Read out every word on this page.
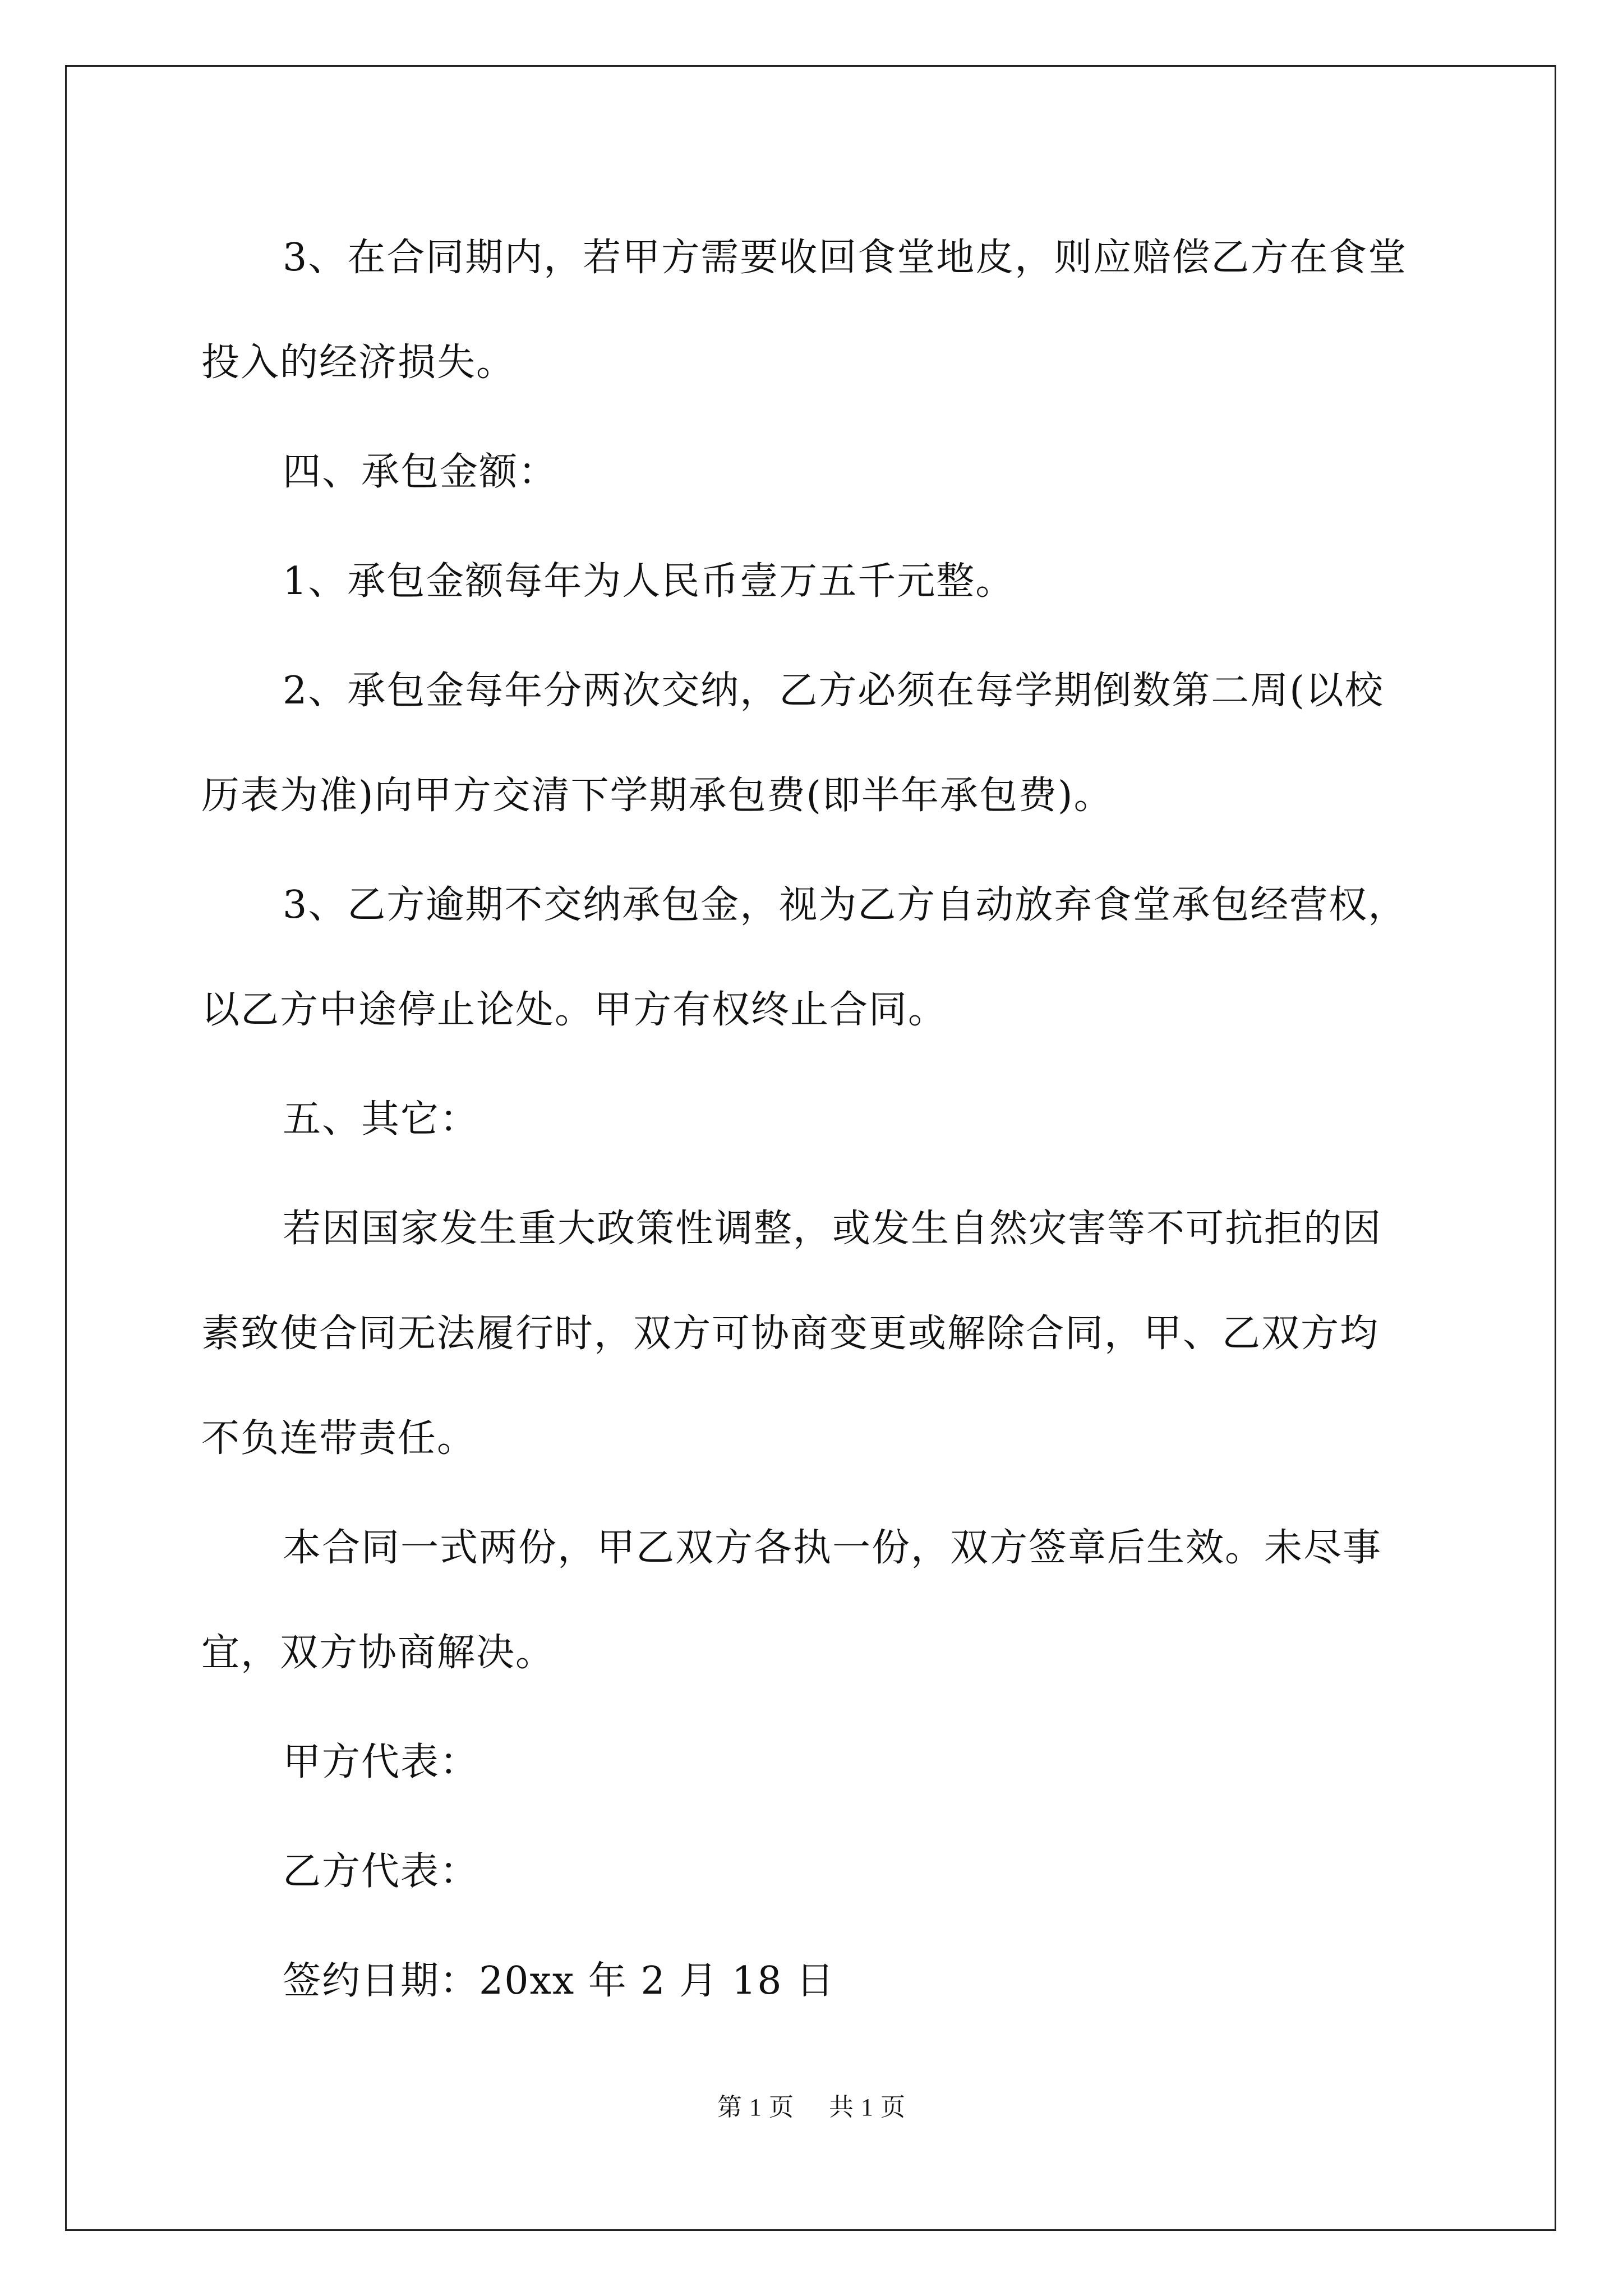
3、在合同期内，若甲方需要收回食堂地皮，则应赔偿乙方在食堂
投入的经济损失。
四、承包金额：
1、承包金额每年为人民币壹万五千元整。
2、承包金每年分两次交纳，乙方必须在每学期倒数第二周(以校
历表为准)向甲方交清下学期承包费(即半年承包费)。
3、乙方逾期不交纳承包金，视为乙方自动放弃食堂承包经营权，
以乙方中途停止论处。甲方有权终止合同。
五、其它：
若因国家发生重大政策性调整，或发生自然灾害等不可抗拒的因
素致使合同无法履行时，双方可协商变更或解除合同，甲、乙双方均
不负连带责任。
本合同一式两份，甲乙双方各执一份，双方签章后生效。未尽事
宜，双方协商解决。
甲方代表：
乙方代表：
签约日期：20xx 年 2 月 18 日
第 1 页 共 1 页
